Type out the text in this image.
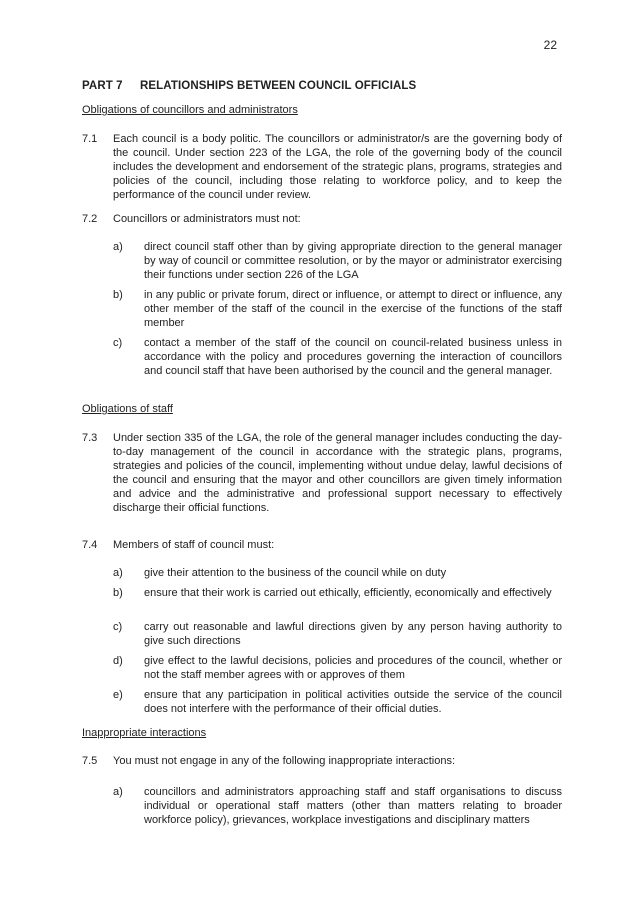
22
PART 7 RELATIONSHIPS BETWEEN COUNCIL OFFICIALS
Obligations of councillors and administrators
7.1 Each council is a body politic. The councillors or administrator/s are the governing body of the council. Under section 223 of the LGA, the role of the governing body of the council includes the development and endorsement of the strategic plans, programs, strategies and policies of the council, including those relating to workforce policy, and to keep the performance of the council under review.
7.2 Councillors or administrators must not:
a) direct council staff other than by giving appropriate direction to the general manager by way of council or committee resolution, or by the mayor or administrator exercising their functions under section 226 of the LGA
b) in any public or private forum, direct or influence, or attempt to direct or influence, any other member of the staff of the council in the exercise of the functions of the staff member
c) contact a member of the staff of the council on council-related business unless in accordance with the policy and procedures governing the interaction of councillors and council staff that have been authorised by the council and the general manager.
Obligations of staff
7.3 Under section 335 of the LGA, the role of the general manager includes conducting the day-to-day management of the council in accordance with the strategic plans, programs, strategies and policies of the council, implementing without undue delay, lawful decisions of the council and ensuring that the mayor and other councillors are given timely information and advice and the administrative and professional support necessary to effectively discharge their official functions.
7.4 Members of staff of council must:
a) give their attention to the business of the council while on duty
b) ensure that their work is carried out ethically, efficiently, economically and effectively
c) carry out reasonable and lawful directions given by any person having authority to give such directions
d) give effect to the lawful decisions, policies and procedures of the council, whether or not the staff member agrees with or approves of them
e) ensure that any participation in political activities outside the service of the council does not interfere with the performance of their official duties.
Inappropriate interactions
7.5 You must not engage in any of the following inappropriate interactions:
a) councillors and administrators approaching staff and staff organisations to discuss individual or operational staff matters (other than matters relating to broader workforce policy), grievances, workplace investigations and disciplinary matters
